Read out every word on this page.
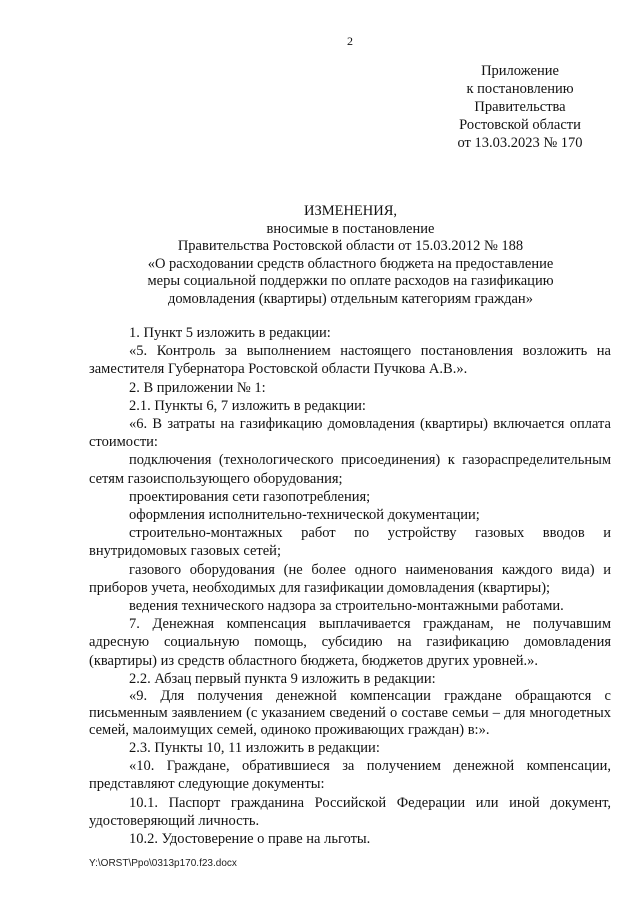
2
Приложение
к постановлению
Правительства
Ростовской области
от 13.03.2023 № 170
ИЗМЕНЕНИЯ,
вносимые в постановление
Правительства Ростовской области от 15.03.2012 № 188
«О расходовании средств областного бюджета на предоставление
меры социальной поддержки по оплате расходов на газификацию
домовладения (квартиры) отдельным категориям граждан»

1. Пункт 5 изложить в редакции:

«5. Контроль за выполнением настоящего постановления возложить на заместителя Губернатора Ростовской области Пучкова А.В.».

2. В приложении № 1:

2.1. Пункты 6, 7 изложить в редакции:

«6. В затраты на газификацию домовладения (квартиры) включается оплата стоимости:

подключения (технологического присоединения) к газораспределительным сетям газоиспользующего оборудования;

проектирования сети газопотребления;

оформления исполнительно-технической документации;

строительно-монтажных работ по устройству газовых вводов и внутридомовых газовых сетей;

газового оборудования (не более одного наименования каждого вида) и приборов учета, необходимых для газификации домовладения (квартиры);

ведения технического надзора за строительно-монтажными работами.

7. Денежная компенсация выплачивается гражданам, не получавшим адресную социальную помощь, субсидию на газификацию домовладения (квартиры) из средств областного бюджета, бюджетов других уровней.».

2.2. Абзац первый пункта 9 изложить в редакции:

«9. Для получения денежной компенсации граждане обращаются с письменным заявлением (с указанием сведений о составе семьи – для многодетных семей, малоимущих семей, одиноко проживающих граждан) в:».

2.3. Пункты 10, 11 изложить в редакции:

«10. Граждане, обратившиеся за получением денежной компенсации, представляют следующие документы:

10.1. Паспорт гражданина Российской Федерации или иной документ, удостоверяющий личность.

10.2. Удостоверение о праве на льготы.

Y:\ORST\Ppo\0313p170.f23.docx
